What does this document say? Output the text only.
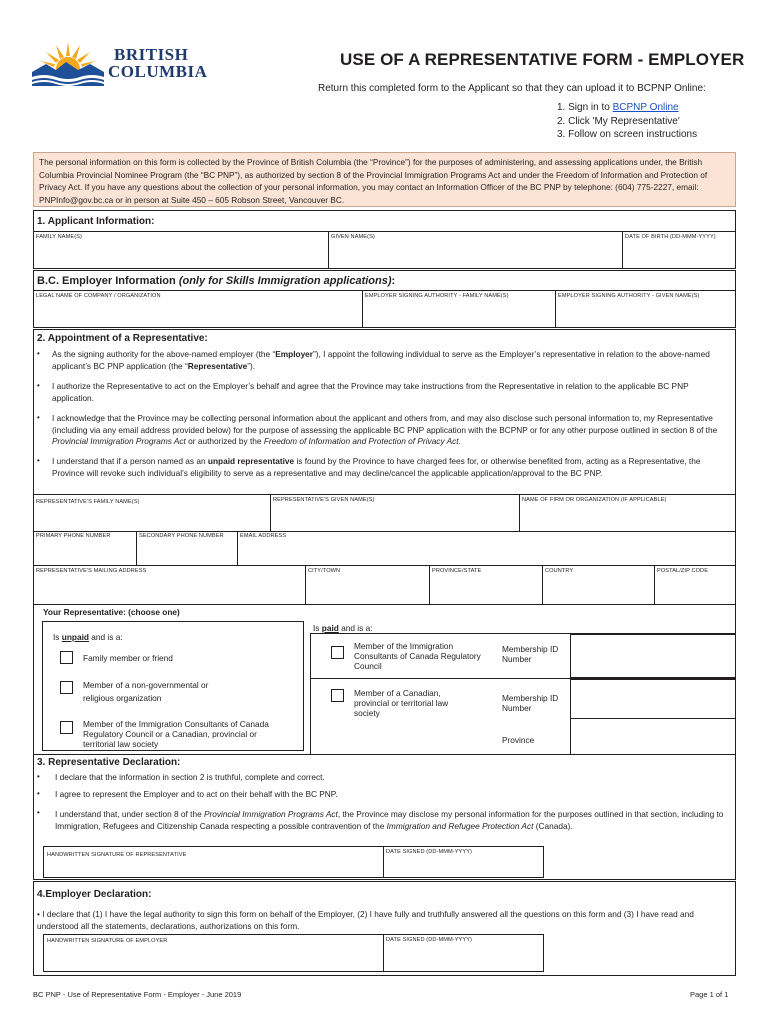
BRITISH
COLUMBIA
USE OF A REPRESENTATIVE FORM - EMPLOYER
Return this completed form to the Applicant so that they can upload it to BCPNP Online:
1. Sign in to BCPNP Online
2. Click 'My Representative'
3. Follow on screen instructions
The personal information on this form is collected by the Province of British Columbia (the “Province”) for the purposes of administering, and assessing applications under, the British Columbia Provincial Nominee Program (the “BC PNP”), as authorized by section 8 of the Provincial Immigration Programs Act and under the Freedom of Information and Protection of Privacy Act. If you have any questions about the collection of your personal information, you may contact an Information Officer of the BC PNP by telephone: (604) 775-2227, email: PNPInfo@gov.bc.ca or in person at Suite 450 – 605 Robson Street, Vancouver BC.
1. Applicant Information:
FAMILY NAME(S)	GIVEN NAME(S)	DATE OF BIRTH (DD-MMM-YYYY)
B.C. Employer Information (only for Skills Immigration applications):
LEGAL NAME OF COMPANY / ORGANIZATION	EMPLOYER SIGNING AUTHORITY - FAMILY NAME(S)	EMPLOYER SIGNING AUTHORITY - GIVEN NAME(S)
2. Appointment of a Representative:
• As the signing authority for the above-named employer (the “Employer”), I appoint the following individual to serve as the Employer’s representative in relation to the above-named applicant’s BC PNP application (the “Representative”).
• I authorize the Representative to act on the Employer’s behalf and agree that the Province may take instructions from the Representative in relation to the applicable BC PNP application.
• I acknowledge that the Province may be collecting personal information about the applicant and others from, and may also disclose such personal information to, my Representative (including via any email address provided below) for the purpose of assessing the applicable BC PNP application with the BCPNP or for any other purpose outlined in section 8 of the Provincial Immigration Programs Act or authorized by the Freedom of Information and Protection of Privacy Act.
• I understand that if a person named as an unpaid representative is found by the Province to have charged fees for, or otherwise benefited from, acting as a Representative, the Province will revoke such individual’s eligibility to serve as a representative and may decline/cancel the applicable application/approval to the BC PNP.
REPRESENTATIVE'S FAMILY NAME(S)	REPRESENTATIVE'S GIVEN NAME(S)	NAME OF FIRM OR ORGANIZATION (IF APPLICABLE)
PRIMARY PHONE NUMBER	SECONDARY PHONE NUMBER	EMAIL ADDRESS
REPRESENTATIVE'S MAILING ADDRESS	CITY/TOWN	PROVINCE/STATE	COUNTRY	POSTAL/ZIP CODE
Your Representative: (choose one)
Is unpaid and is a:
Family member or friend
Member of a non-governmental or religious organization
Member of the Immigration Consultants of Canada Regulatory Council or a Canadian, provincial or territorial law society
Is paid and is a:
Member of the Immigration Consultants of Canada Regulatory Council
Membership ID Number
Member of a Canadian, provincial or territorial law society
Membership ID Number
Province
3. Representative Declaration:
• I declare that the information in section 2 is truthful, complete and correct.
• I agree to represent the Employer and to act on their behalf with the BC PNP.
• I understand that, under section 8 of the Provincial Immigration Programs Act, the Province may disclose my personal information for the purposes outlined in that section, including to Immigration, Refugees and Citizenship Canada respecting a possible contravention of the Immigration and Refugee Protection Act (Canada).
HANDWRITTEN SIGNATURE OF REPRESENTATIVE	DATE SIGNED (DD-MMM-YYYY)
4.Employer Declaration:
• I declare that (1) I have the legal authority to sign this form on behalf of the Employer, (2) I have fully and truthfully answered all the questions on this form and (3) I have read and understood all the statements, declarations, authorizations on this form.
HANDWRITTEN SIGNATURE OF EMPLOYER	DATE SIGNED (DD-MMM-YYYY)
BC PNP - Use of Representative Form - Employer - June 2019	Page 1 of 1
